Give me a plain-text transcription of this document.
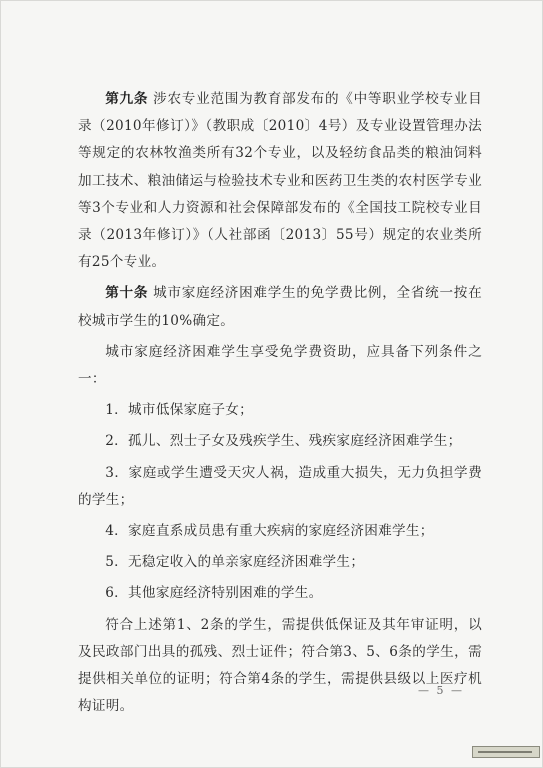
第九条 涉农专业范围为教育部发布的《中等职业学校专业目录（2010年修订）》（教职成〔2010〕4号）及专业设置管理办法等规定的农林牧渔类所有32个专业，以及轻纺食品类的粮油饲料加工技术、粮油储运与检验技术专业和医药卫生类的农村医学专业等3个专业和人力资源和社会保障部发布的《全国技工院校专业目录（2013年修订）》（人社部函〔2013〕55号）规定的农业类所有25个专业。

第十条 城市家庭经济困难学生的免学费比例，全省统一按在校城市学生的10%确定。

城市家庭经济困难学生享受免学费资助，应具备下列条件之一：

1．城市低保家庭子女；

2．孤儿、烈士子女及残疾学生、残疾家庭经济困难学生；

3．家庭或学生遭受天灾人祸，造成重大损失，无力负担学费的学生；

4．家庭直系成员患有重大疾病的家庭经济困难学生；

5．无稳定收入的单亲家庭经济困难学生；

6．其他家庭经济特别困难的学生。

符合上述第1、2条的学生，需提供低保证及其年审证明，以及民政部门出具的孤残、烈士证件；符合第3、5、6条的学生，需提供相关单位的证明；符合第4条的学生，需提供县级以上医疗机构证明。

— 5 —
